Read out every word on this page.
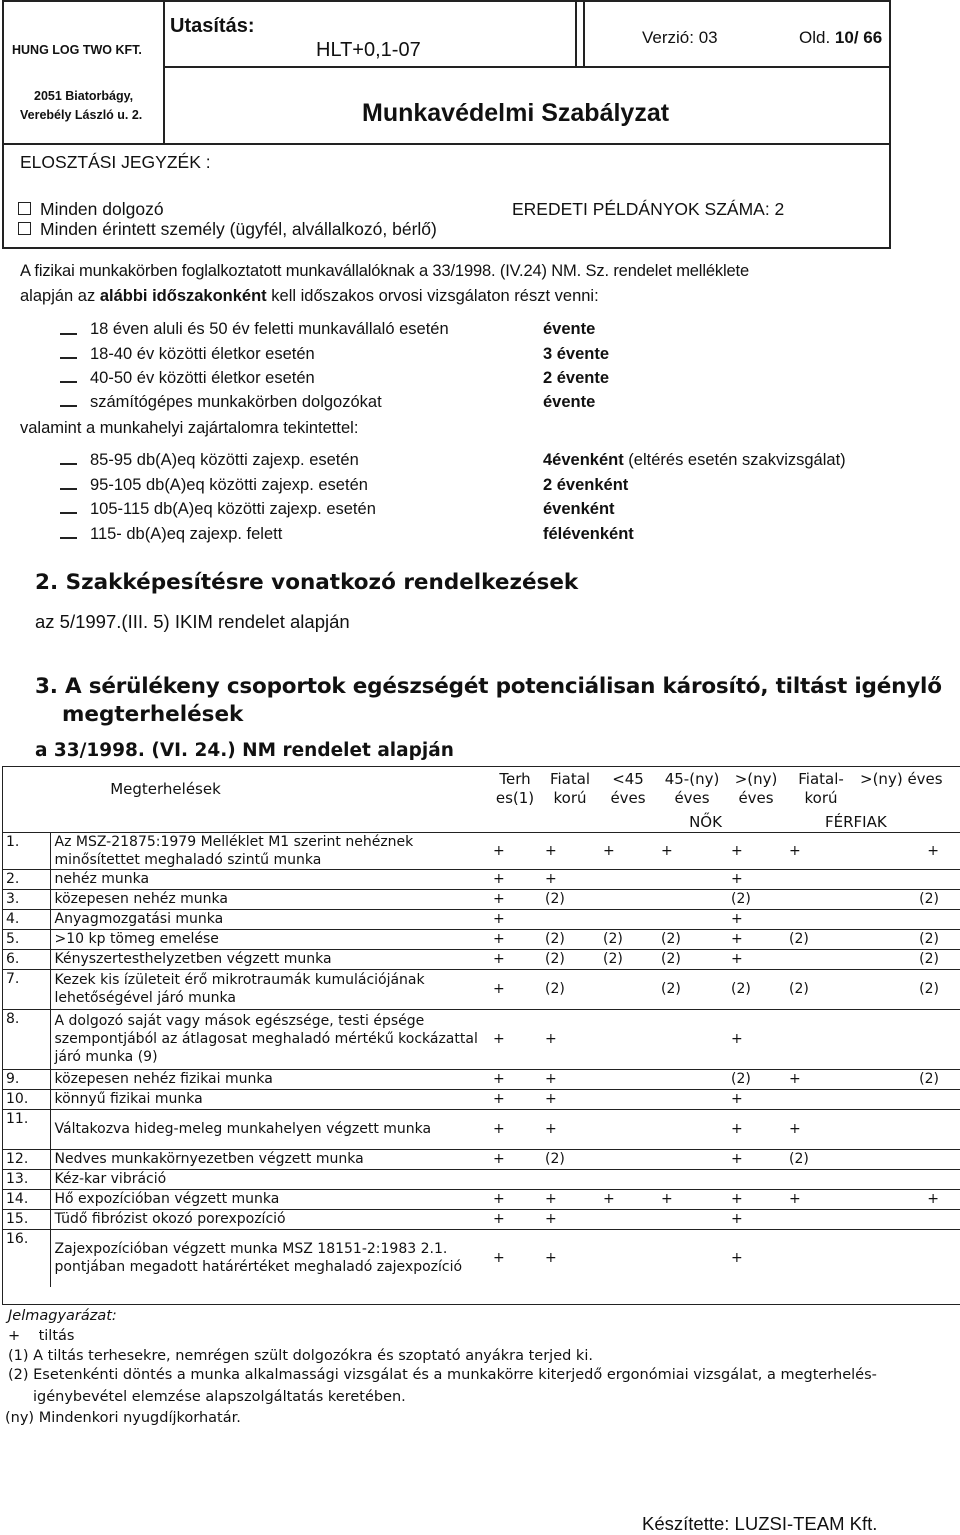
HUNG LOG TWO KFT.
2051 Biatorbágy,
Verebély László u. 2.
Utasítás:
HLT+0,1-07
Verzió: 03	Old. 10/ 66
Munkavédelmi Szabályzat
ELOSZTÁSI JEGYZÉK :
Minden dolgozó	EREDETI PÉLDÁNYOK SZÁMA: 2
Minden érintett személy (ügyfél, alvállalkozó, bérlő)
A fizikai munkakörben foglalkoztatott munkavállalóknak a 33/1998. (IV.24) NM. Sz. rendelet melléklete
alapján az alábbi időszakonként kell időszakos orvosi vizsgálaton részt venni:
18 éven aluli és 50 év feletti munkavállaló esetén	évente
18-40 év közötti életkor esetén	3 évente
40-50 év közötti életkor esetén	2 évente
számítógépes munkakörben dolgozókat	évente
valamint a munkahelyi zajártalomra tekintettel:
85-95 db(A)eq közötti zajexp. esetén	4évenként (eltérés esetén szakvizsgálat)
95-105 db(A)eq közötti zajexp. esetén	2 évenként
105-115 db(A)eq közötti zajexp. esetén	évenként
115- db(A)eq zajexp. felett	félévenként
2. Szakképesítésre vonatkozó rendelkezések
az 5/1997.(III. 5) IKIM rendelet alapján
3. A sérülékeny csoportok egészségét potenciálisan károsító, tiltást igénylő
megterhelések
a 33/1998. (VI. 24.) NM rendelet alapján
Megterhelések		Terh es(1)	Fiatal korú	<45 éves	45-(ny) éves	>(ny) éves	Fiatal- korú	>(ny) éves
		NŐK					FÉRFIAK	
1.	Az MSZ-21875:1979 Melléklet M1 szerint nehéznek minősítettet meghaladó szintű munka	+	+	+	+	+	+	+
2.	nehéz munka	+	+			+		
3.	közepesen nehéz munka	+	(2)			(2)		(2)
4.	Anyagmozgatási munka	+				+		
5.	>10 kp tömeg emelése	+	(2)	(2)	(2)	+	(2)	(2)
6.	Kényszertesthelyzetben végzett munka	+	(2)	(2)	(2)	+		(2)
7.	Kezek kis ízületeit érő mikrotraumák kumulációjának lehetőségével járó munka	+	(2)		(2)	(2)	(2)	(2)
8.	A dolgozó saját vagy mások egészsége, testi épsége szempontjából az átlagosat meghaladó mértékű kockázattal járó munka (9)	+	+			+		
9.	közepesen nehéz fizikai munka	+	+			(2)	+	(2)
10.	könnyű fizikai munka	+	+			+		
11.	Váltakozva hideg-meleg munkahelyen végzett munka	+	+			+	+	
12.	Nedves munkakörnyezetben végzett munka	+	(2)			+	(2)	
13.	Kéz-kar vibráció							
14.	Hő expozícióban végzett munka	+	+	+	+	+	+	+
15.	Tüdő fibrózist okozó porexpozíció	+	+			+		
16.	Zajexpozícióban végzett munka MSZ 18151-2:1983 2.1. pontjában megadott határértéket meghaladó zajexpozíció	+	+			+		
Jelmagyarázat:
+    tiltás
(1) A tiltás terhesekre, nemrégen szült dolgozókra és szoptató anyákra terjed ki.
(2) Esetenkénti döntés a munka alkalmassági vizsgálat és a munkakörre kiterjedő ergonómiai vizsgálat, a megterhelés-
igénybevétel elemzése alapszolgáltatás keretében.
(ny) Mindenkori nyugdíjkorhatár.
Készítette: LUZSI-TEAM Kft.
